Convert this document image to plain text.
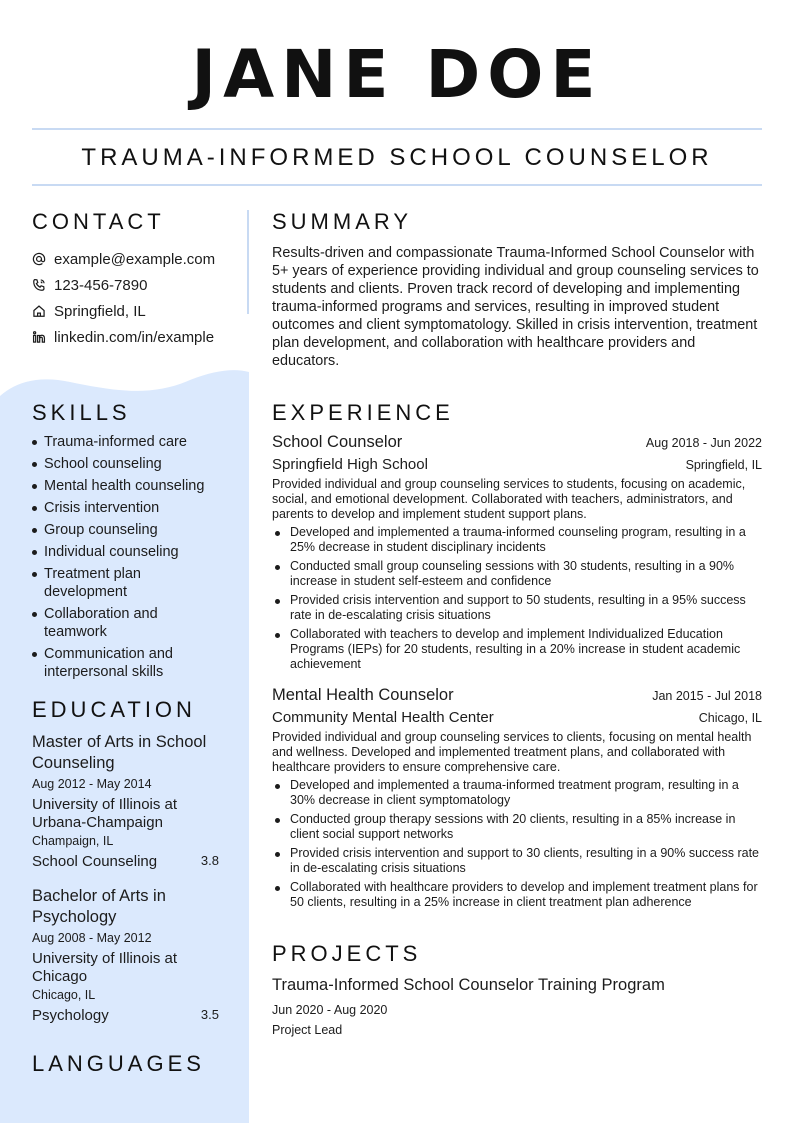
JANE DOE
TRAUMA-INFORMED SCHOOL COUNSELOR
CONTACT
example@example.com
123-456-7890
Springfield, IL
linkedin.com/in/example
SKILLS
Trauma-informed care
School counseling
Mental health counseling
Crisis intervention
Group counseling
Individual counseling
Treatment plan development
Collaboration and teamwork
Communication and interpersonal skills
EDUCATION

Master of Arts in School Counseling

Aug 2012 - May 2014

University of Illinois at Urbana-Champaign

Champaign, IL

School Counseling	3.8

Bachelor of Arts in Psychology

Aug 2008 - May 2012

University of Illinois at Chicago

Chicago, IL

Psychology	3.5
LANGUAGES
SUMMARY

Results-driven and compassionate Trauma-Informed School Counselor with 5+ years of experience providing individual and group counseling services to students and clients. Proven track record of developing and implementing trauma-informed programs and services, resulting in improved student outcomes and client symptomatology. Skilled in crisis intervention, treatment plan development, and collaboration with healthcare providers and educators.

EXPERIENCE
School Counselor	Aug 2018 - Jun 2022
Springfield High School	Springfield, IL

Provided individual and group counseling services to students, focusing on academic, social, and emotional development. Collaborated with teachers, administrators, and parents to develop and implement student support plans.

Developed and implemented a trauma-informed counseling program, resulting in a 25% decrease in student disciplinary incidents
Conducted small group counseling sessions with 30 students, resulting in a 90% increase in student self-esteem and confidence
Provided crisis intervention and support to 50 students, resulting in a 95% success rate in de-escalating crisis situations
Collaborated with teachers to develop and implement Individualized Education Programs (IEPs) for 20 students, resulting in a 20% increase in student academic achievement
Mental Health Counselor	Jan 2015 - Jul 2018
Community Mental Health Center	Chicago, IL

Provided individual and group counseling services to clients, focusing on mental health and wellness. Developed and implemented treatment plans, and collaborated with healthcare providers to ensure comprehensive care.

Developed and implemented a trauma-informed treatment program, resulting in a 30% decrease in client symptomatology
Conducted group therapy sessions with 20 clients, resulting in a 85% increase in client social support networks
Provided crisis intervention and support to 30 clients, resulting in a 90% success rate in de-escalating crisis situations
Collaborated with healthcare providers to develop and implement treatment plans for 50 clients, resulting in a 25% increase in client treatment plan adherence
PROJECTS

Trauma-Informed School Counselor Training Program

Jun 2020 - Aug 2020

Project Lead
